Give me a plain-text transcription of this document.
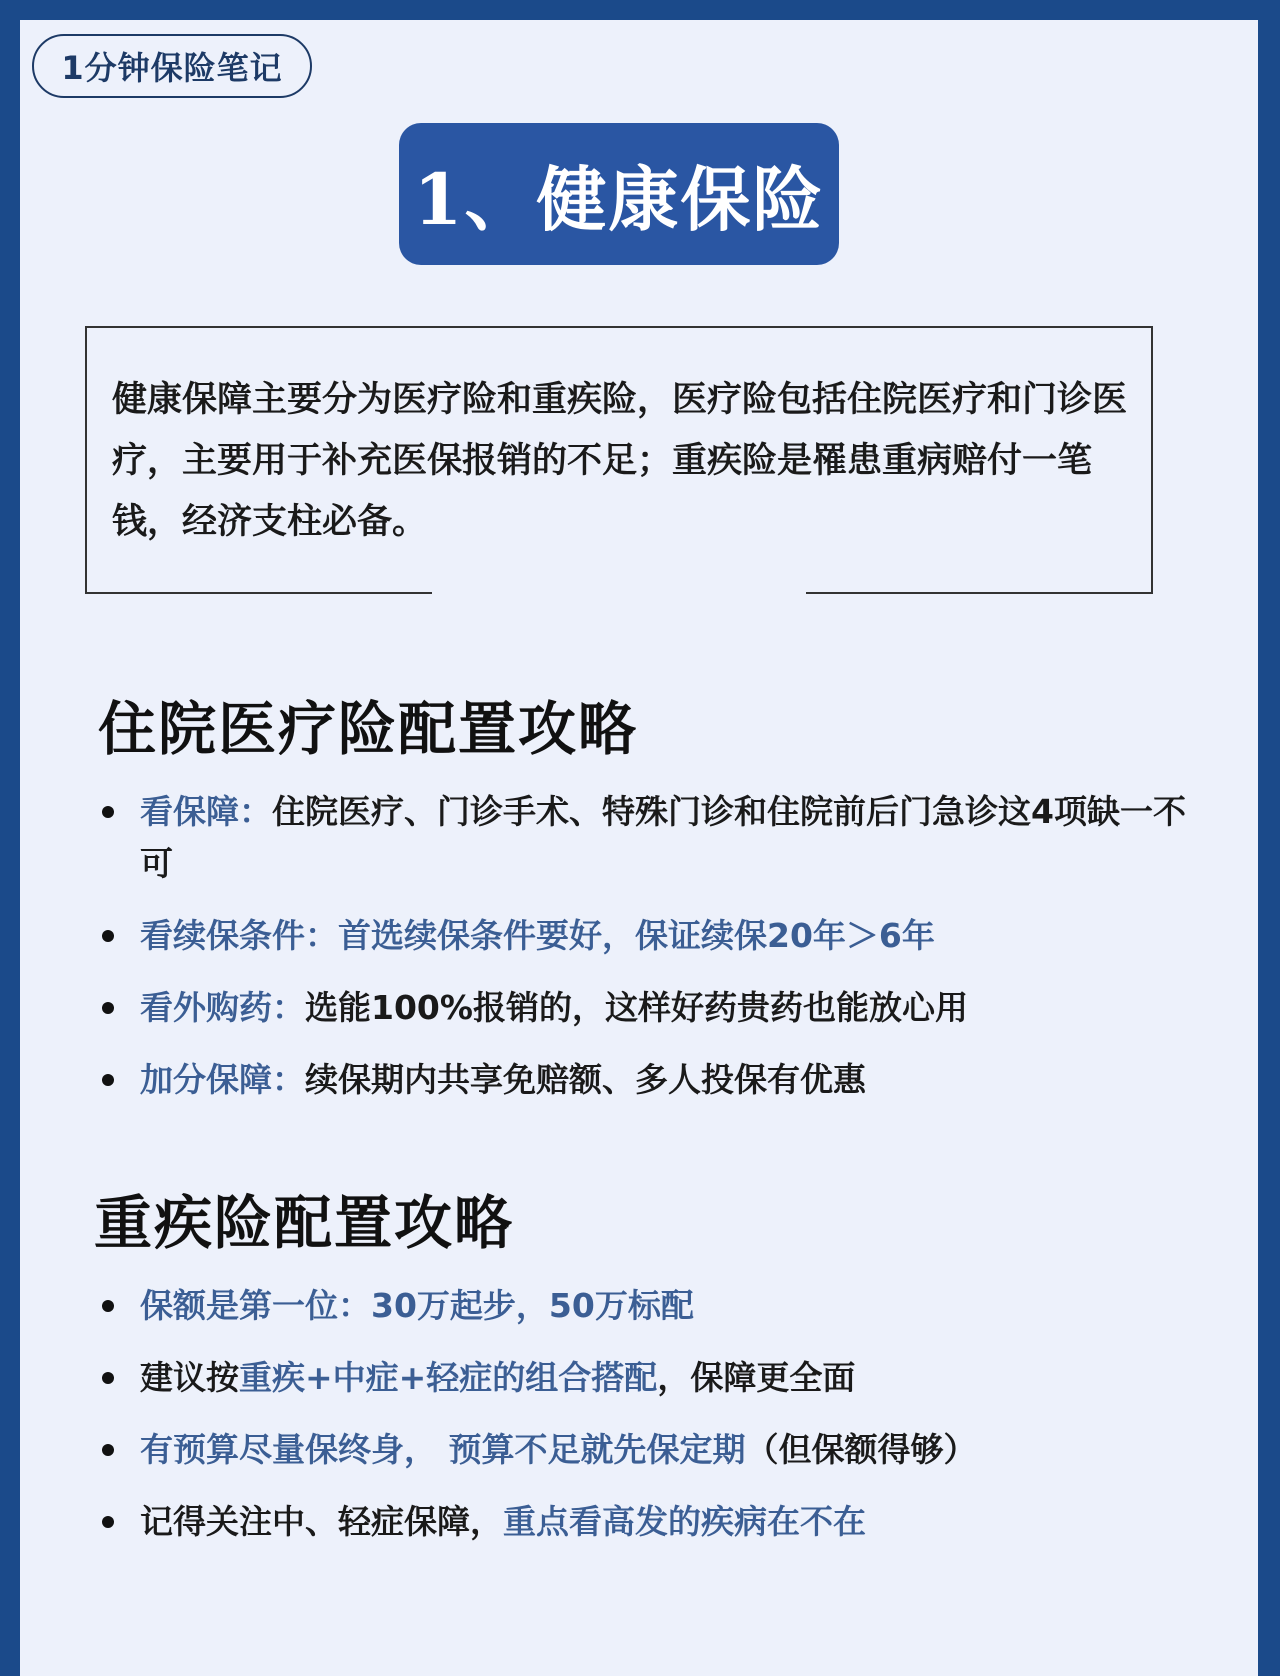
1分钟保险笔记
1、健康保险
健康保障主要分为医疗险和重疾险，医疗险包括住院医疗和门诊医疗，主要用于补充医保报销的不足；重疾险是罹患重病赔付一笔钱，经济支柱必备。
住院医疗险配置攻略
看保障：住院医疗、门诊手术、特殊门诊和住院前后门急诊这4项缺一不可
看续保条件：首选续保条件要好，保证续保20年＞6年
看外购药：选能100%报销的，这样好药贵药也能放心用
加分保障：续保期内共享免赔额、多人投保有优惠
重疾险配置攻略
保额是第一位：30万起步，50万标配
建议按重疾+中症+轻症的组合搭配，保障更全面
有预算尽量保终身， 预算不足就先保定期（但保额得够）
记得关注中、轻症保障，重点看高发的疾病在不在
